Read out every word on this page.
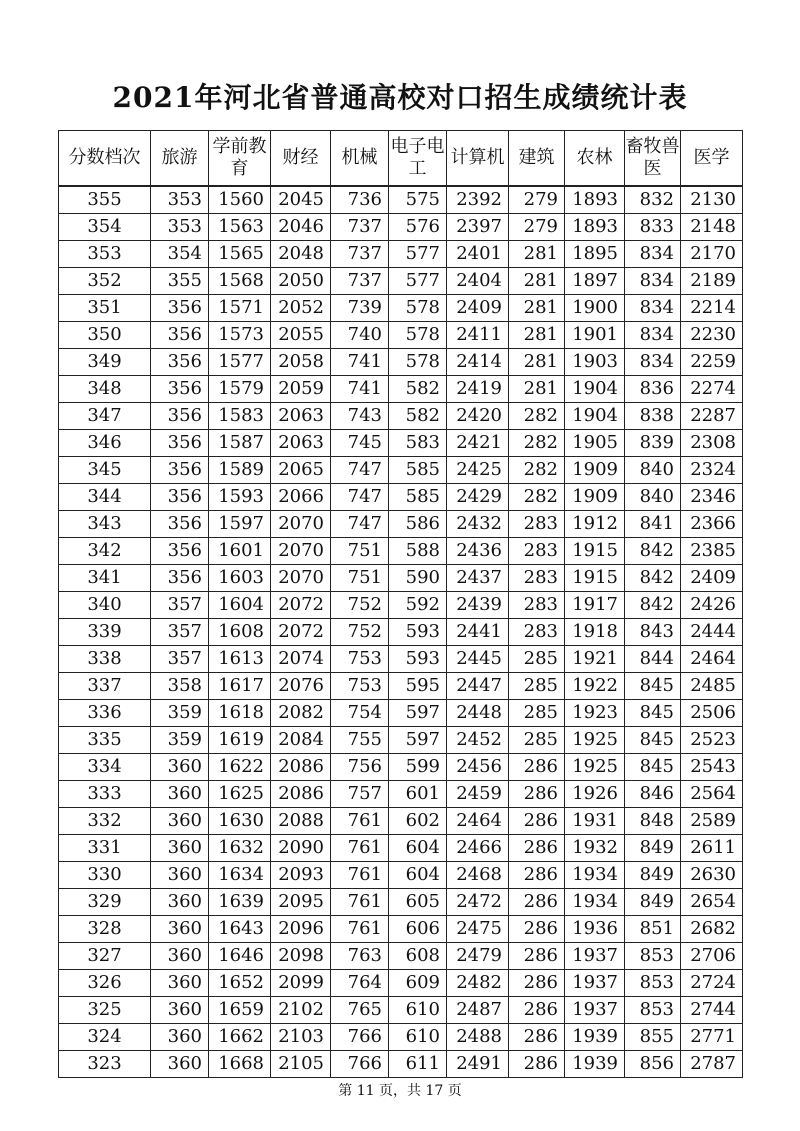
2021年河北省普通高校对口招生成绩统计表
分数档次	旅游	学前教育	财经	机械	电子电工	计算机	建筑	农林	畜牧兽医	医学
355	353	1560	2045	736	575	2392	279	1893	832	2130
354	353	1563	2046	737	576	2397	279	1893	833	2148
353	354	1565	2048	737	577	2401	281	1895	834	2170
352	355	1568	2050	737	577	2404	281	1897	834	2189
351	356	1571	2052	739	578	2409	281	1900	834	2214
350	356	1573	2055	740	578	2411	281	1901	834	2230
349	356	1577	2058	741	578	2414	281	1903	834	2259
348	356	1579	2059	741	582	2419	281	1904	836	2274
347	356	1583	2063	743	582	2420	282	1904	838	2287
346	356	1587	2063	745	583	2421	282	1905	839	2308
345	356	1589	2065	747	585	2425	282	1909	840	2324
344	356	1593	2066	747	585	2429	282	1909	840	2346
343	356	1597	2070	747	586	2432	283	1912	841	2366
342	356	1601	2070	751	588	2436	283	1915	842	2385
341	356	1603	2070	751	590	2437	283	1915	842	2409
340	357	1604	2072	752	592	2439	283	1917	842	2426
339	357	1608	2072	752	593	2441	283	1918	843	2444
338	357	1613	2074	753	593	2445	285	1921	844	2464
337	358	1617	2076	753	595	2447	285	1922	845	2485
336	359	1618	2082	754	597	2448	285	1923	845	2506
335	359	1619	2084	755	597	2452	285	1925	845	2523
334	360	1622	2086	756	599	2456	286	1925	845	2543
333	360	1625	2086	757	601	2459	286	1926	846	2564
332	360	1630	2088	761	602	2464	286	1931	848	2589
331	360	1632	2090	761	604	2466	286	1932	849	2611
330	360	1634	2093	761	604	2468	286	1934	849	2630
329	360	1639	2095	761	605	2472	286	1934	849	2654
328	360	1643	2096	761	606	2475	286	1936	851	2682
327	360	1646	2098	763	608	2479	286	1937	853	2706
326	360	1652	2099	764	609	2482	286	1937	853	2724
325	360	1659	2102	765	610	2487	286	1937	853	2744
324	360	1662	2103	766	610	2488	286	1939	855	2771
323	360	1668	2105	766	611	2491	286	1939	856	2787
第 11 页，共 17 页
